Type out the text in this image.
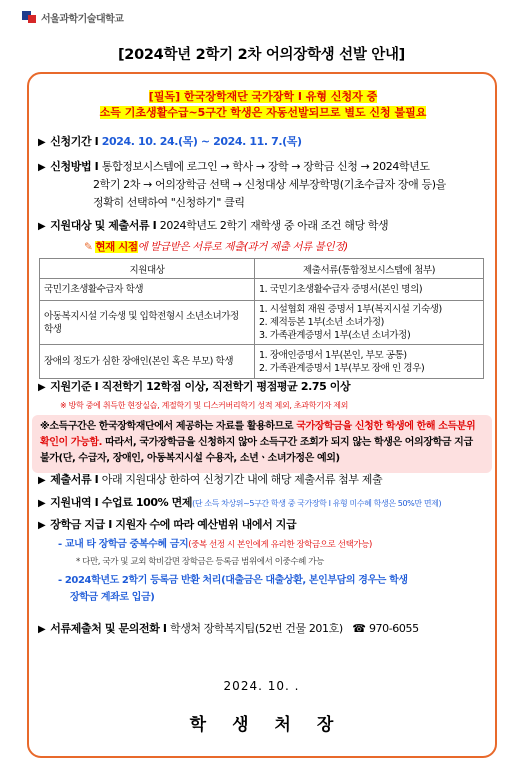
서울과학기술대학교
[2024학년 2학기 2차 어의장학생 선발 안내]
[필독] 한국장학재단 국가장학 I 유형 신청자 중
소득 기초생활수급~5구간 학생은 자동선발되므로 별도 신청 불필요
▶ 신청기간 I 2024. 10. 24.(목) ~ 2024. 11. 7.(목)
▶ 신청방법 I 통합정보시스템에 로그인 → 학사 → 장학 → 장학금 신청 → 2024학년도
2학기 2차 → 어의장학금 선택 → 신청대상 세부장학명(기초수급자 장애 등)을
정확히 선택하여 "신청하기" 클릭
▶ 지원대상 및 제출서류 I 2024학년도 2학기 재학생 중 아래 조건 해당 학생
✎ 현재 시점에 발급받은 서류로 제출(과거 제출 서류 불인정)
지원대상	제출서류(통합정보시스템에 첨부)
국민기초생활수급자 학생	1. 국민기초생활수급자 증명서(본인 명의)

아동복지시설 기숙생 및 입학전형시 소년소녀가정 학생	1. 시설협회 재원 증명서 1부(복지시설 기숙생)
2. 제적등본 1부(소년 소녀가정)
3. 가족관계증명서 1부(소년 소녀가정)

장애의 정도가 심한 장애인(본인 혹은 부모) 학생	1. 장애인증명서 1부(본인, 부모 공통)
2. 가족관계증명서 1부(부모 장애 인 경우)
▶ 지원기준 I 직전학기 12학점 이상, 직전학기 평점평균 2.75 이상
※ 방학 중에 취득한 현장실습, 계절학기 및 디스커버리학기 성적 제외, 초과학기자 제외
※소득구간은 한국장학재단에서 제공하는 자료를 활용하므로 국가장학금을 신청한 학생에 한해 소득분위 확인이 가능함. 따라서, 국가장학금을 신청하지 않아 소득구간 조회가 되지 않는 학생은 어의장학금 지급 불가(단, 수급자, 장애인, 아동복지시설 수용자, 소년ㆍ소녀가정은 예외)
▶ 제출서류 I 아래 지원대상 한하여 신청기간 내에 해당 제출서류 첨부 제출
▶ 지원내역 I 수업료 100% 면제(단 소득 차상위~5구간 학생 중 국가장학 I 유형 미수혜 학생은 50%만 면제)
▶ 장학금 지급 I 지원자 수에 따라 예산범위 내에서 지급
- 교내 타 장학금 중복수혜 금지(중복 선정 시 본인에게 유리한 장학금으로 선택가능)
* 다만, 국가 및 교외 학비감면 장학금은 등록금 범위에서 이중수혜 가능
- 2024학년도 2학기 등록금 반환 처리(대출금은 대출상환, 본인부담의 경우는 학생
장학금 계좌로 입금)
▶ 서류제출처 및 문의전화 I 학생처 장학복지팀(52번 건물 201호) ☎ 970-6055
2024. 10. .
학생처장
